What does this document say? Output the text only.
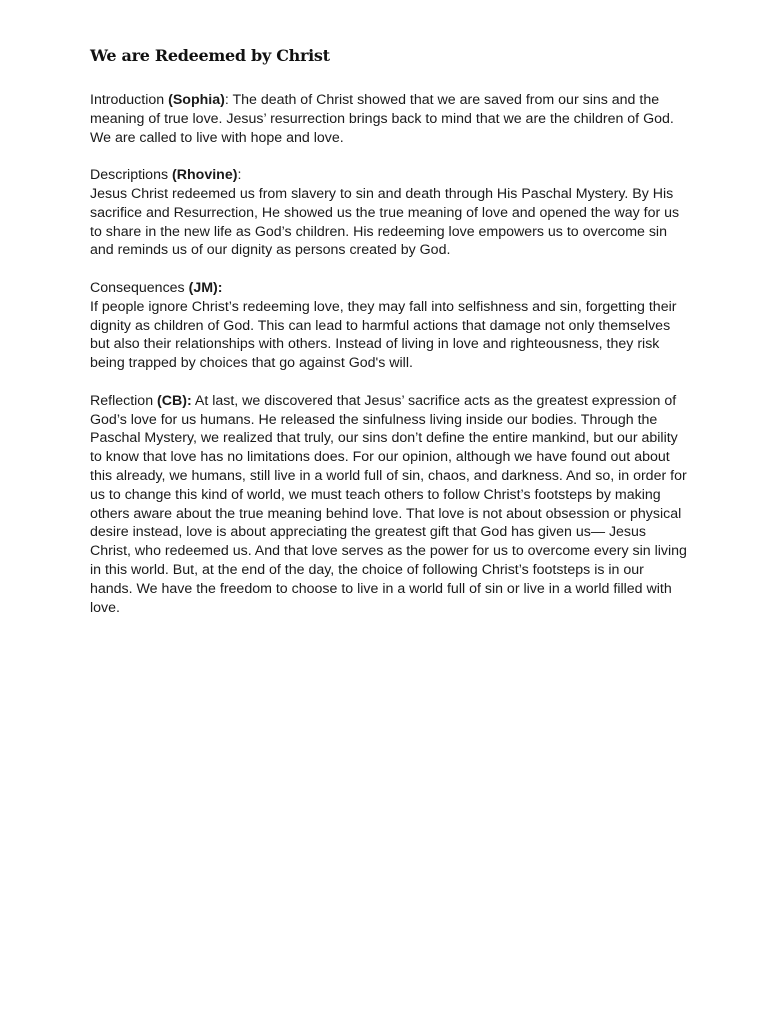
We are Redeemed by Christ

Introduction (Sophia): The death of Christ showed that we are saved from our sins and the meaning of true love. Jesus’ resurrection brings back to mind that we are the children of God. We are called to live with hope and love.

Descriptions (Rhovine):

Jesus Christ redeemed us from slavery to sin and death through His Paschal Mystery. By His sacrifice and Resurrection, He showed us the true meaning of love and opened the way for us to share in the new life as God’s children. His redeeming love empowers us to overcome sin and reminds us of our dignity as persons created by God.

Consequences (JM):

If people ignore Christ’s redeeming love, they may fall into selfishness and sin, forgetting their dignity as children of God. This can lead to harmful actions that damage not only themselves but also their relationships with others. Instead of living in love and righteousness, they risk being trapped by choices that go against God's will.

Reflection (CB): At last, we discovered that Jesus’ sacrifice acts as the greatest expression of God’s love for us humans. He released the sinfulness living inside our bodies. Through the Paschal Mystery, we realized that truly, our sins don’t define the entire mankind, but our ability to know that love has no limitations does. For our opinion, although we have found out about this already, we humans, still live in a world full of sin, chaos, and darkness. And so, in order for us to change this kind of world, we must teach others to follow Christ’s footsteps by making others aware about the true meaning behind love. That love is not about obsession or physical desire instead, love is about appreciating the greatest gift that God has given us— Jesus Christ, who redeemed us. And that love serves as the power for us to overcome every sin living in this world. But, at the end of the day, the choice of following Christ’s footsteps is in our hands. We have the freedom to choose to live in a world full of sin or live in a world filled with love.
